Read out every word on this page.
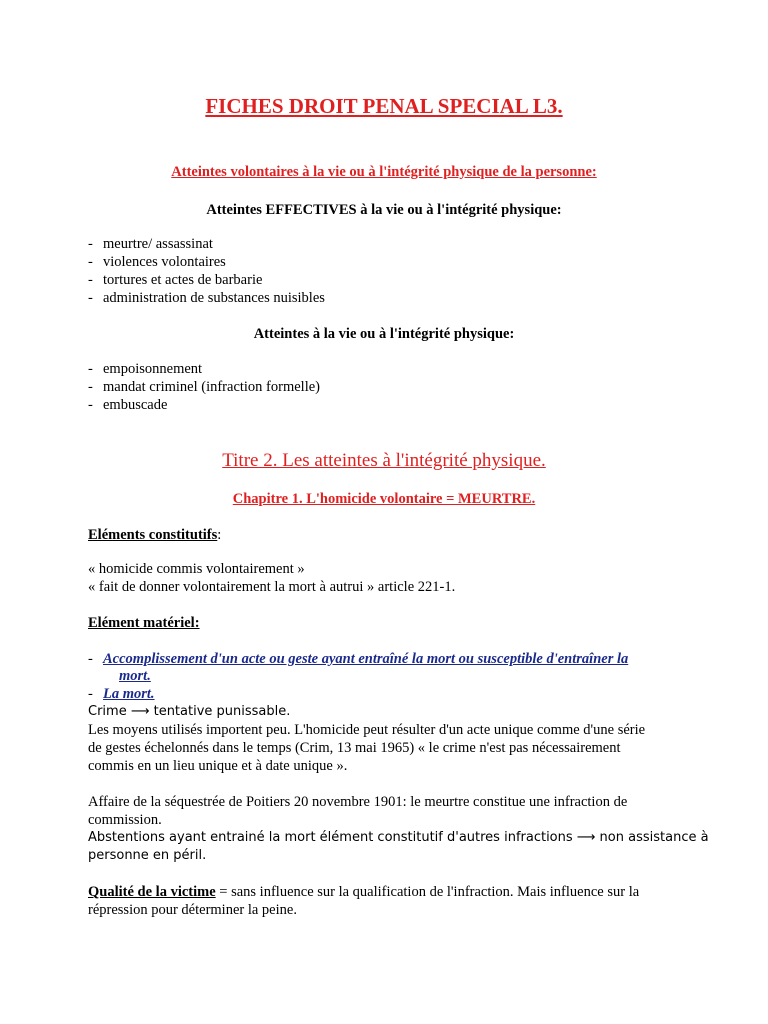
FICHES DROIT PENAL SPECIAL L3.
Atteintes volontaires à la vie ou à l'intégrité physique de la personne:
Atteintes EFFECTIVES à la vie ou à l'intégrité physique:
- meurtre/ assassinat
- violences volontaires
- tortures et actes de barbarie
- administration de substances nuisibles
Atteintes à la vie ou à l'intégrité physique:
- empoisonnement
- mandat criminel (infraction formelle)
- embuscade
Titre 2. Les atteintes à l'intégrité physique.
Chapitre 1. L'homicide volontaire = MEURTRE.
Eléments constitutifs:
« homicide commis volontairement »
« fait de donner volontairement la mort à autrui » article 221-1.
Elément matériel:
- Accomplissement d'un acte ou geste ayant entraîné la mort ou susceptible d'entraîner la
mort.
- La mort.
Crime ⟶ tentative punissable.
Les moyens utilisés importent peu. L'homicide peut résulter d'un acte unique comme d'une série
de gestes échelonnés dans le temps (Crim, 13 mai 1965) « le crime n'est pas nécessairement
commis en un lieu unique et à date unique ».
Affaire de la séquestrée de Poitiers 20 novembre 1901: le meurtre constitue une infraction de
commission.
Abstentions ayant entrainé la mort élément constitutif d'autres infractions ⟶ non assistance à
personne en péril.
Qualité de la victime = sans influence sur la qualification de l'infraction. Mais influence sur la
répression pour déterminer la peine.
